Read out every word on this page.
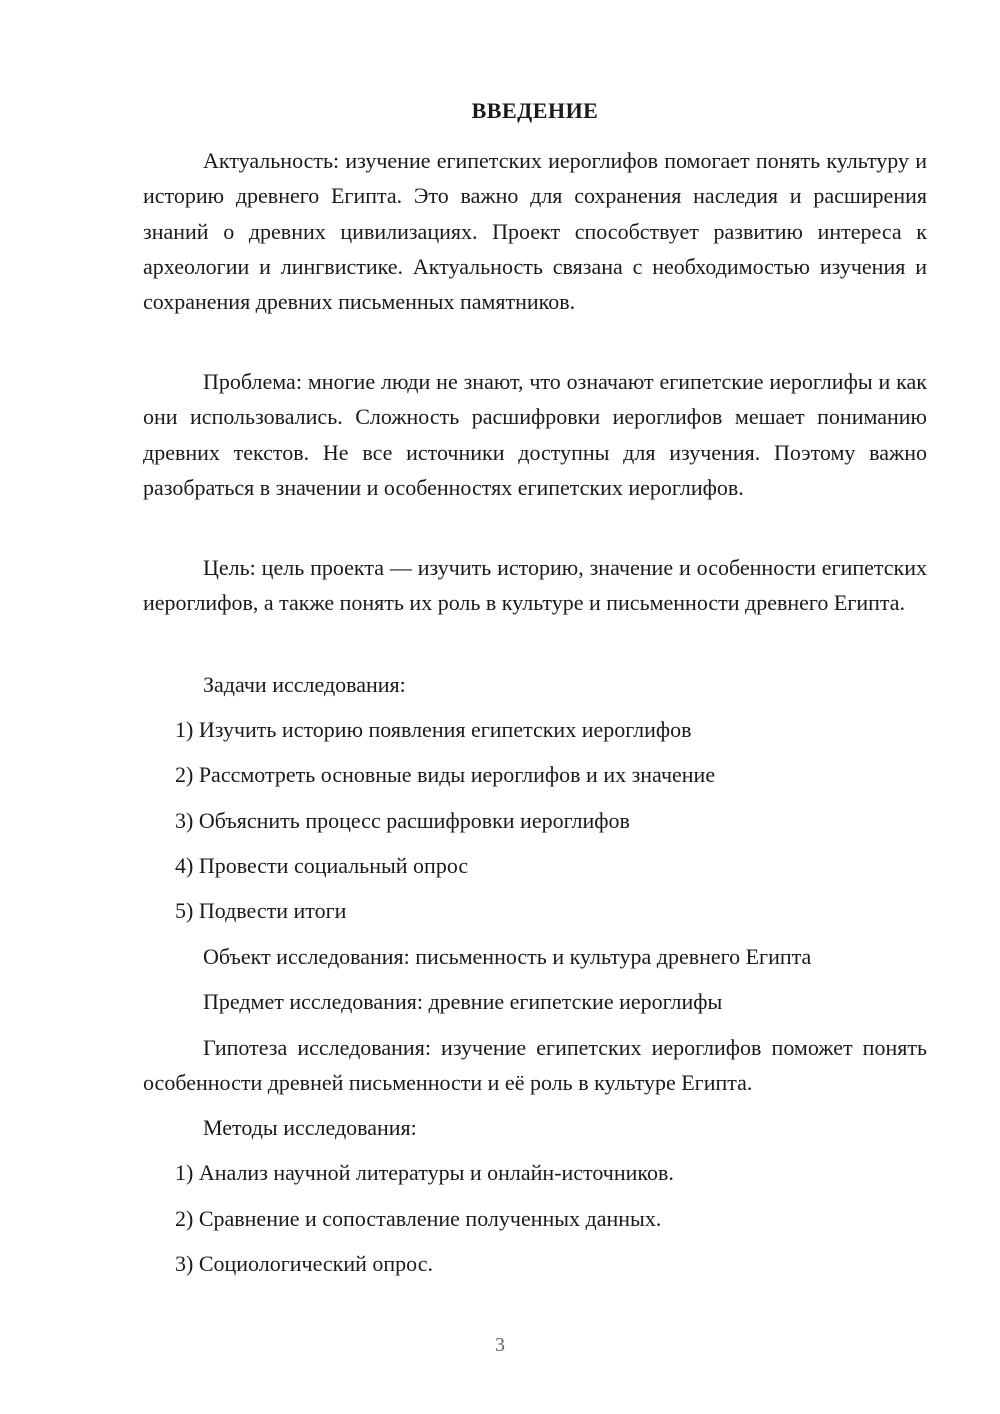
ВВЕДЕНИЕ

Актуальность: изучение египетских иероглифов помогает понять культуру и историю древнего Египта. Это важно для сохранения наследия и расширения знаний о древних цивилизациях. Проект способствует развитию интереса к археологии и лингвистике. Актуальность связана с необходимостью изучения и сохранения древних письменных памятников.

Проблема: многие люди не знают, что означают египетские иероглифы и как они использовались. Сложность расшифровки иероглифов мешает пониманию древних текстов. Не все источники доступны для изучения. Поэтому важно разобраться в значении и особенностях египетских иероглифов.

Цель: цель проекта — изучить историю, значение и особенности египетских иероглифов, а также понять их роль в культуре и письменности древнего Египта.

Задачи исследования:

1) Изучить историю появления египетских иероглифов

2) Рассмотреть основные виды иероглифов и их значение

3) Объяснить процесс расшифровки иероглифов

4) Провести социальный опрос

5) Подвести итоги

Объект исследования: письменность и культура древнего Египта

Предмет исследования: древние египетские иероглифы

Гипотеза исследования: изучение египетских иероглифов поможет понять особенности древней письменности и её роль в культуре Египта.

Методы исследования:

1) Анализ научной литературы и онлайн-источников.

2) Сравнение и сопоставление полученных данных.

3) Социологический опрос.

3
